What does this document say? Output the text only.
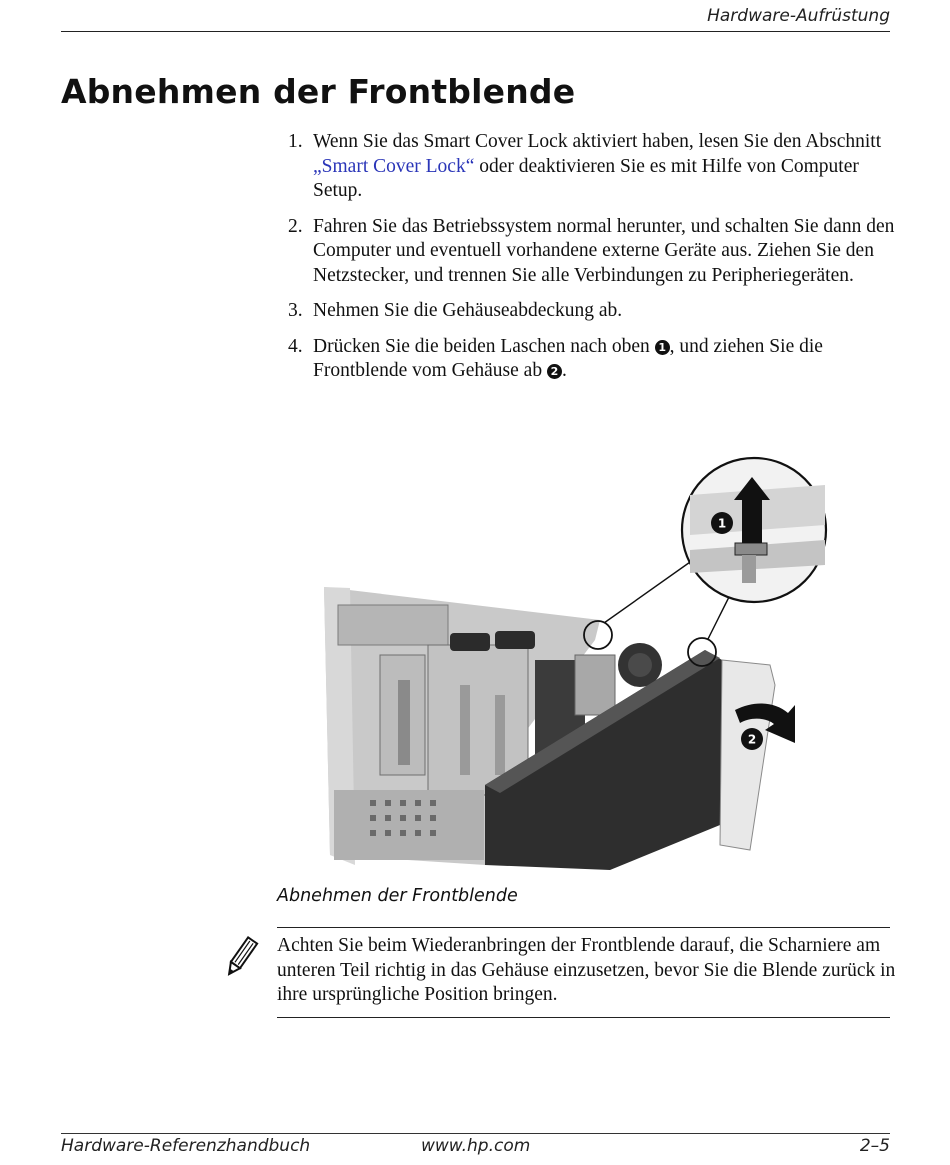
Hardware-Aufrüstung
Abnehmen der Frontblende
1. Wenn Sie das Smart Cover Lock aktiviert haben, lesen Sie den Abschnitt „Smart Cover Lock“ oder deaktivieren Sie es mit Hilfe von Computer Setup.
2. Fahren Sie das Betriebssystem normal herunter, und schalten Sie dann den Computer und eventuell vorhandene externe Geräte aus. Ziehen Sie den Netzstecker, und trennen Sie alle Verbindungen zu Peripheriegeräten.
3. Nehmen Sie die Gehäuseabdeckung ab.
4. Drücken Sie die beiden Laschen nach oben 1 , und ziehen Sie die Frontblende vom Gehäuse ab 2 .
1
2
Abnehmen der Frontblende
Achten Sie beim Wiederanbringen der Frontblende darauf, die Scharniere am unteren Teil richtig in das Gehäuse einzusetzen, bevor Sie die Blende zurück in ihre ursprüngliche Position bringen.
Hardware-Referenzhandbuch	www.hp.com	2–5
